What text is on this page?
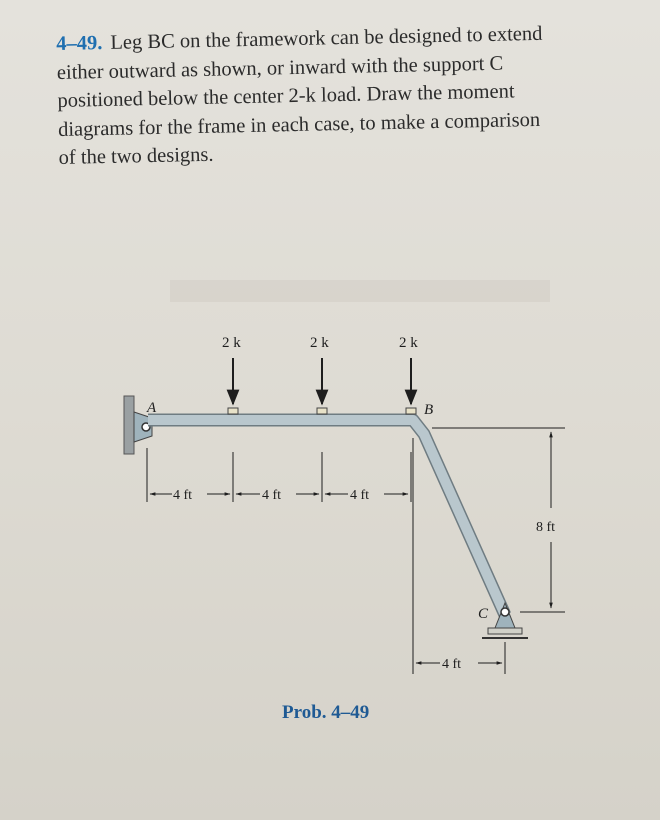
4–49. Leg BC on the framework can be designed to extend
either outward as shown, or inward with the support C
positioned below the center 2-k load. Draw the moment
diagrams for the frame in each case, to make a comparison
of the two designs.
A
C
B
2 k	2 k	2 k
4 ft	4 ft	4 ft
8 ft
4 ft
Prob. 4–49
